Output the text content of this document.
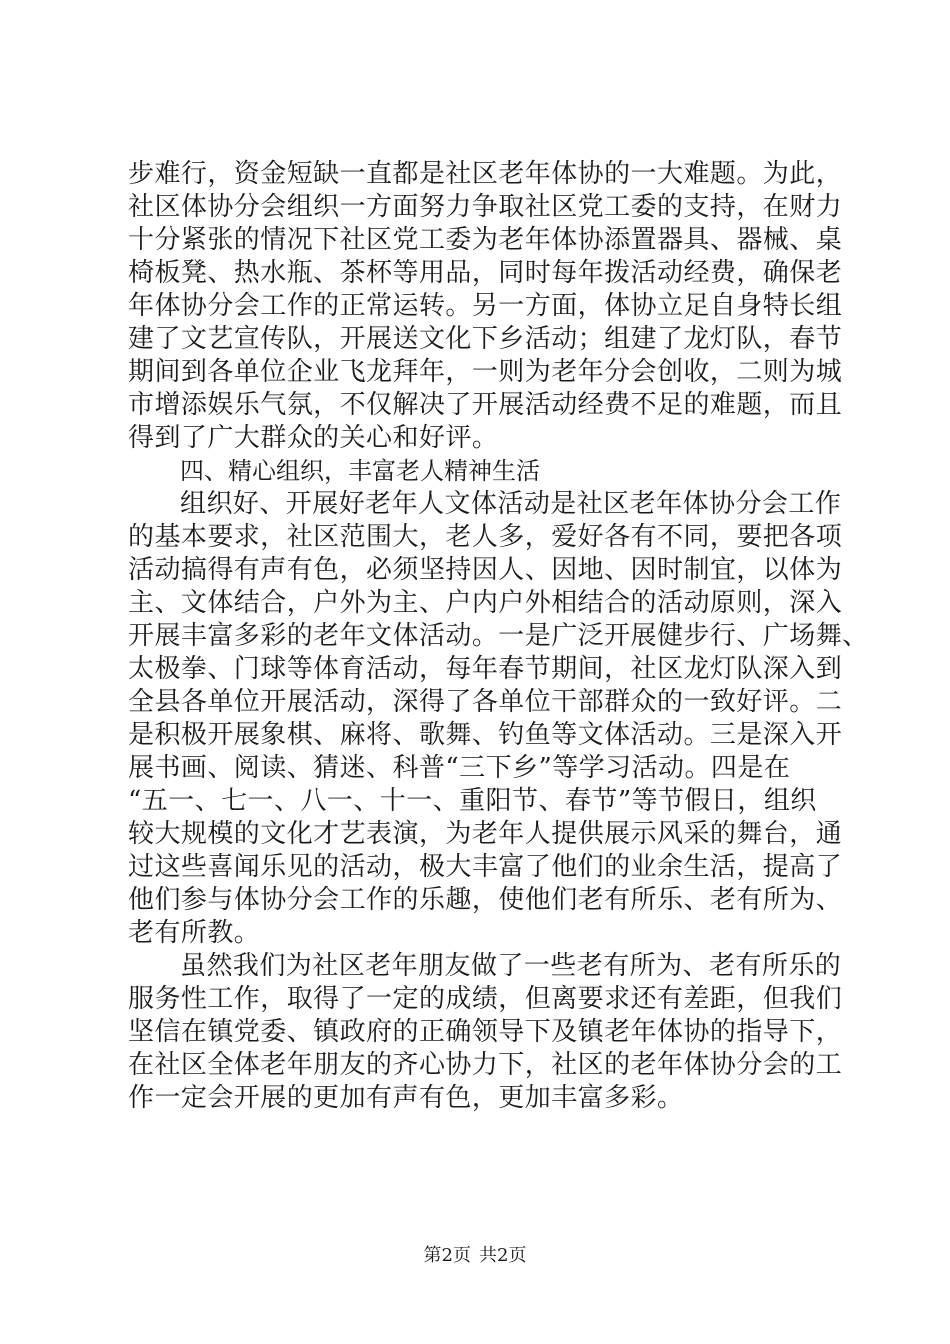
步难行，资金短缺一直都是社区老年体协的一大难题。为此，
社区体协分会组织一方面努力争取社区党工委的支持，在财力
十分紧张的情况下社区党工委为老年体协添置器具、器械、桌
椅板凳、热水瓶、茶杯等用品，同时每年拨活动经费，确保老
年体协分会工作的正常运转。另一方面，体协立足自身特长组
建了文艺宣传队，开展送文化下乡活动；组建了龙灯队，春节
期间到各单位企业飞龙拜年，一则为老年分会创收，二则为城
市增添娱乐气氛，不仅解决了开展活动经费不足的难题，而且
得到了广大群众的关心和好评。
四、精心组织，丰富老人精神生活
组织好、开展好老年人文体活动是社区老年体协分会工作
的基本要求，社区范围大，老人多，爱好各有不同，要把各项
活动搞得有声有色，必须坚持因人、因地、因时制宜，以体为
主、文体结合，户外为主、户内户外相结合的活动原则，深入
开展丰富多彩的老年文体活动。一是广泛开展健步行、广场舞、
太极拳、门球等体育活动，每年春节期间，社区龙灯队深入到
全县各单位开展活动，深得了各单位干部群众的一致好评。二
是积极开展象棋、麻将、歌舞、钓鱼等文体活动。三是深入开
展书画、阅读、猜迷、科普“三下乡”等学习活动。四是在
“五一、七一、八一、十一、重阳节、春节”等节假日，组织
较大规模的文化才艺表演，为老年人提供展示风采的舞台，通
过这些喜闻乐见的活动，极大丰富了他们的业余生活，提高了
他们参与体协分会工作的乐趣，使他们老有所乐、老有所为、
老有所教。
虽然我们为社区老年朋友做了一些老有所为、老有所乐的
服务性工作，取得了一定的成绩，但离要求还有差距，但我们
坚信在镇党委、镇政府的正确领导下及镇老年体协的指导下，
在社区全体老年朋友的齐心协力下，社区的老年体协分会的工
作一定会开展的更加有声有色，更加丰富多彩。
第2页 共2页
